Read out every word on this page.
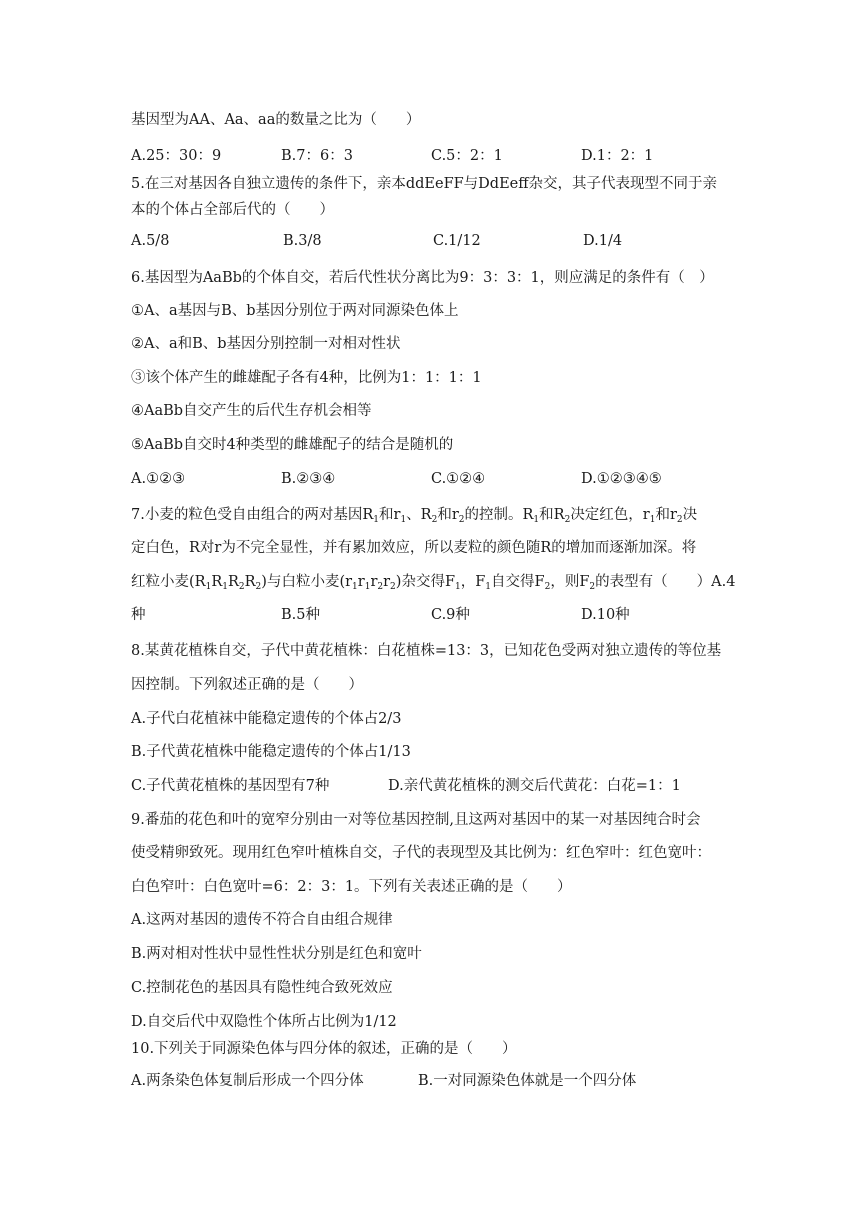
基因型为AA、Aa、aa的数量之比为（　　）
A.25：30：9	B.7：6：3	C.5：2：1	D.1：2：1
5.在三对基因各自独立遗传的条件下，亲本ddEeFF与DdEeff杂交，其子代表现型不同于亲
本的个体占全部后代的（　　）
A.5/8	B.3/8	C.1/12	D.1/4
6.基因型为AaBb的个体自交，若后代性状分离比为9：3：3：1，则应满足的条件有（　）
①A、a基因与B、b基因分别位于两对同源染色体上
②A、a和B、b基因分别控制一对相对性状
③该个体产生的雌雄配子各有4种，比例为1：1：1：1
④AaBb自交产生的后代生存机会相等
⑤AaBb自交时4种类型的雌雄配子的结合是随机的
A.①②③	B.②③④	C.①②④	D.①②③④⑤
7.小麦的粒色受自由组合的两对基因$R_1$和$r_1$、$R_2$和$r_2$的控制。$R_1$和$R_2$决定红色，$r_1$和$r_2$决
定白色，R对r为不完全显性，并有累加效应，所以麦粒的颜色随R的增加而逐渐加深。将
红粒小麦$(R_1R_1R_2R_2)$与白粒小麦$(r_1r_1r_2r_2)$杂交得$F_1$，$F_1$自交得$F_2$，则$F_2$的表型有（　　）A.4
种	B.5种	C.9种	D.10种
8.某黄花植株自交，子代中黄花植株：白花植株=13：3，已知花色受两对独立遗传的等位基
因控制。下列叙述正确的是（　　）
A.子代白花植袜中能稳定遗传的个体占2/3
B.子代黄花植株中能稳定遗传的个体占1/13
C.子代黄花植株的基因型有7种	D.亲代黄花植株的测交后代黄花：白花=1：1
9.番茄的花色和叶的宽窄分别由一对等位基因控制,且这两对基因中的某一对基因纯合时会
使受精卵致死。现用红色窄叶植株自交，子代的表现型及其比例为：红色窄叶：红色宽叶：
白色窄叶：白色宽叶=6：2：3：1。下列有关表述正确的是（　　）
A.这两对基因的遗传不符合自由组合规律
B.两对相对性状中显性性状分别是红色和宽叶
C.控制花色的基因具有隐性纯合致死效应
D.自交后代中双隐性个体所占比例为1/12
10.下列关于同源染色体与四分体的叙述，正确的是（　　）
A.两条染色体复制后形成一个四分体	B.一对同源染色体就是一个四分体
